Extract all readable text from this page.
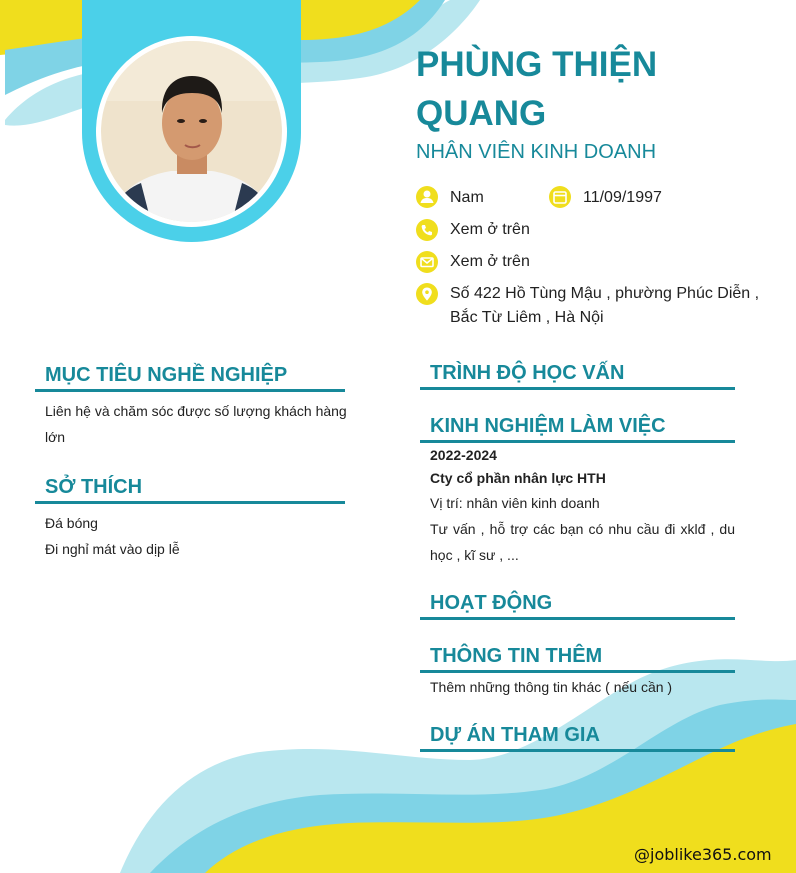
PHÙNG THIỆN QUANG
NHÂN VIÊN KINH DOANH
Nam	11/09/1997
Xem ở trên
Xem ở trên
Số 422 Hồ Tùng Mậu , phường Phúc Diễn , Bắc Từ Liêm , Hà Nội
MỤC TIÊU NGHỀ NGHIỆP
Liên hệ và chăm sóc được số lượng khách hàng lớn
SỞ THÍCH
Đá bóng
Đi nghỉ mát vào dịp lễ
TRÌNH ĐỘ HỌC VẤN
KINH NGHIỆM LÀM VIỆC
2022-2024
Cty cổ phần nhân lực HTH
Vị trí: nhân viên kinh doanh
Tư vấn , hỗ trợ các bạn có nhu cầu đi xklđ , du học , kĩ sư , ...
HOẠT ĐỘNG
THÔNG TIN THÊM
Thêm những thông tin khác ( nếu cần )
DỰ ÁN THAM GIA
@joblike365.com
